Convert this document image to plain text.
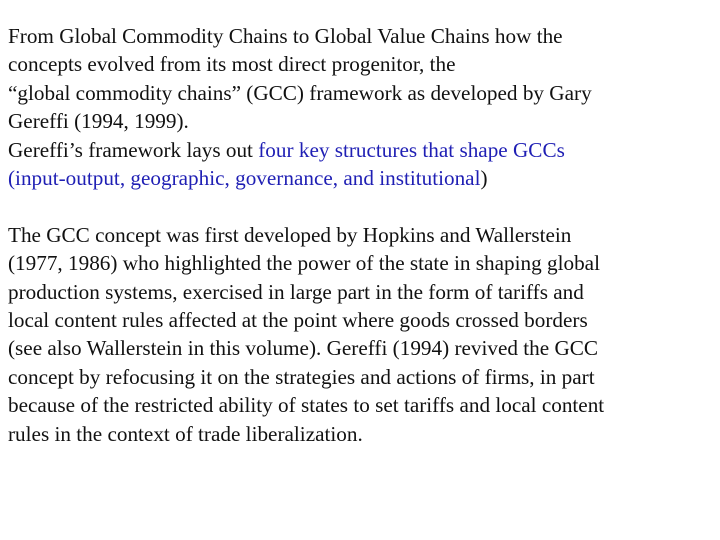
From Global Commodity Chains to Global Value Chains how the
concepts evolved from its most direct progenitor, the
“global commodity chains” (GCC) framework as developed by Gary
Gereffi (1994, 1999).
Gereffi’s framework lays out four key structures that shape GCCs
(input-output, geographic, governance, and institutional)
The GCC concept was first developed by Hopkins and Wallerstein
(1977, 1986) who highlighted the power of the state in shaping global
production systems, exercised in large part in the form of tariffs and
local content rules affected at the point where goods crossed borders
(see also Wallerstein in this volume). Gereffi (1994) revived the GCC
concept by refocusing it on the strategies and actions of firms, in part
because of the restricted ability of states to set tariffs and local content
rules in the context of trade liberalization.
